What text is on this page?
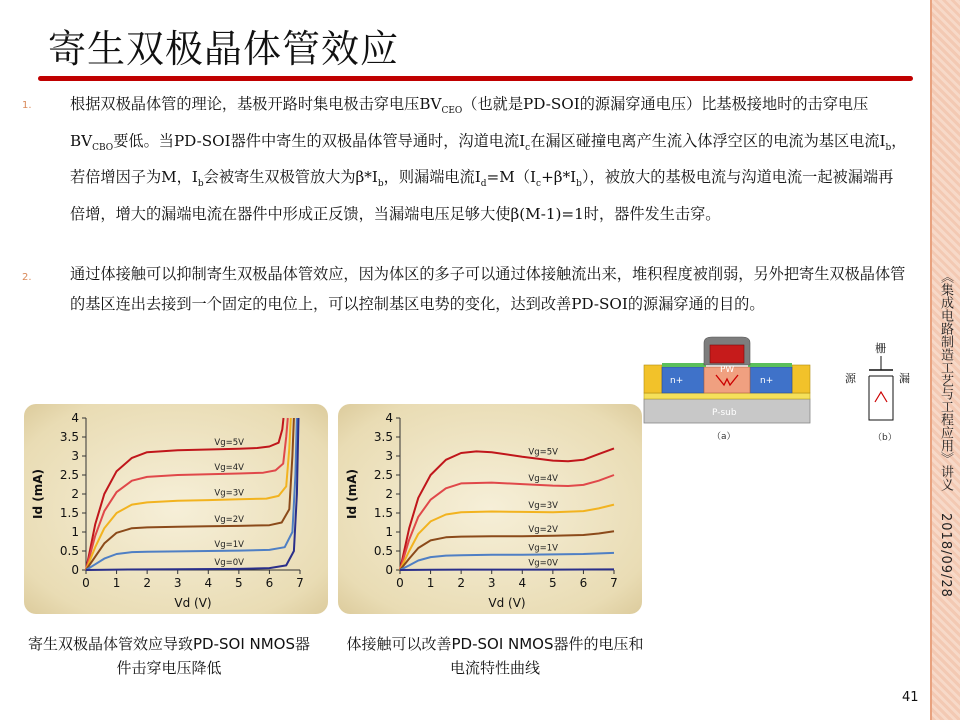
《集成电路制造工艺与工程应用》讲义 2018/09/28
寄生双极晶体管效应
1.	根据双极晶体管的理论，基极开路时集电极击穿电压$BV_{CEO}$（也就是PD-SOI的源漏穿通电压）比基极接地时的击穿电压$BV_{CBO}$要低。当PD-SOI器件中寄生的双极晶体管导通时，沟道电流$I_c$在漏区碰撞电离产生流入体浮空区的电流为基区电流$I_b$，若倍增因子为M，$I_b$会被寄生双极管放大为$\beta*I_b$，则漏端电流$I_d=M(I_c+\beta*I_b)$，被放大的基极电流与沟道电流一起被漏端再倍增，增大的漏端电流在器件中形成正反馈，当漏端电压足够大使β(M-1)=1时，器件发生击穿。
2.	通过体接触可以抑制寄生双极晶体管效应，因为体区的多子可以通过体接触流出来，堆积程度被削弱，另外把寄生双极晶体管的基区连出去接到一个固定的电位上，可以控制基区电势的变化，达到改善PD-SOI的源漏穿通的目的。
PW
n+	n+
P-sub
（a）
栅
源	漏
（b）
0 1 2 3 4 5 6 7
0
0.5
1
1.5
2
2.5
3
3.5
4
Vd (V)
Id (mA)
Vg=5V
Vg=4V
Vg=3V
Vg=2V
Vg=1V
Vg=0V
0 1 2 3 4 5 6 7
0
0.5
1
1.5
2
2.5
3
3.5
4
Vd (V)
Id (mA)
Vg=5V
Vg=4V
Vg=3V
Vg=2V
Vg=1V
Vg=0V
寄生双极晶体管效应导致PD-SOI NMOS器件击穿电压降低
体接触可以改善PD-SOI NMOS器件的电压和电流特性曲线
41
